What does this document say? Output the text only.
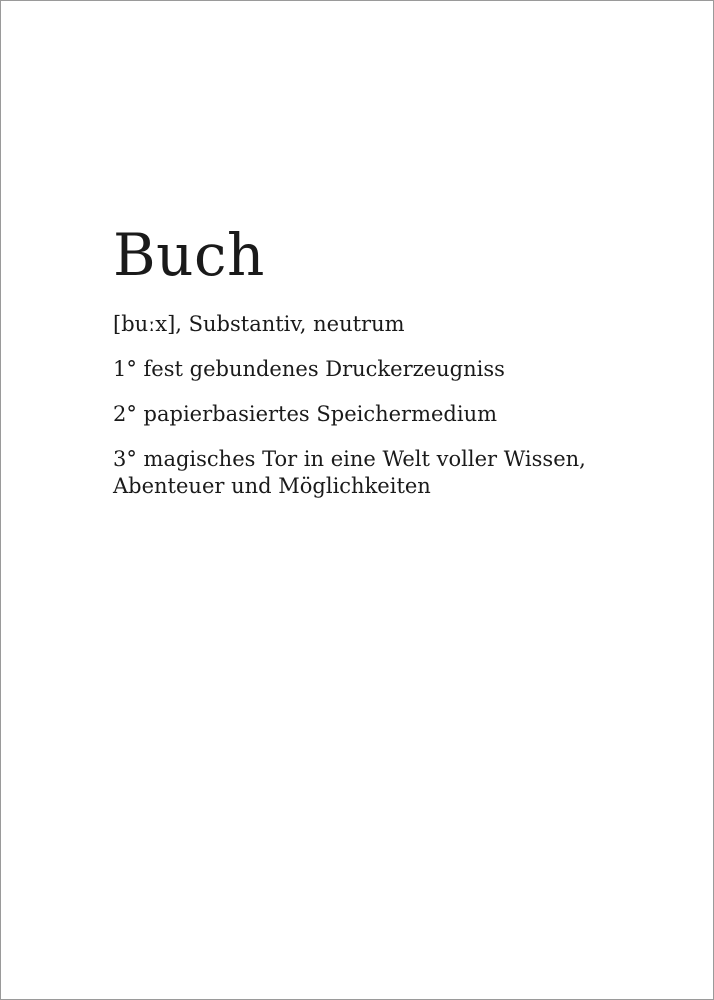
Buch
[buːx], Substantiv, neutrum
1° fest gebundenes Druckerzeugniss
2° papierbasiertes Speichermedium
3° magisches Tor in eine Welt voller Wissen,
Abenteuer und Möglichkeiten
